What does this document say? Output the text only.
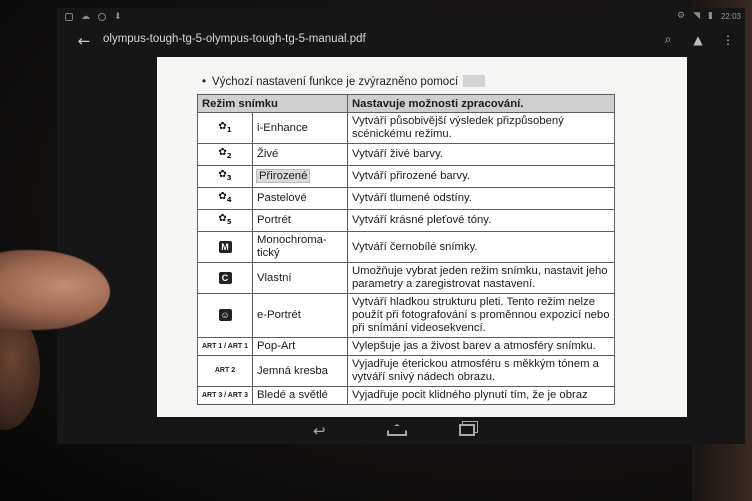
☁	⬇	⚙ ◥ ▮ 22:03
← olympus-tough-tg-5-olympus-tough-tg-5-manual.pdf	⌕	▲ ⋮
• Výchozí nastavení funkce je zvýrazněno pomocí
Režim snímku		Nastavuje možnosti zpracování.
$✿_1$	i-Enhance	Vytváří působivější výsledek přizpůsobený scénickému režimu.
$✿_2$	Živé	Vytváří živé barvy.
$✿_3$	Přirozené	Vytváří přirozené barvy.
$✿_4$	Pastelové	Vytváří tlumené odstíny.
$✿_5$	Portrét	Vytváří krásné pleťové tóny.
M	Monochroma-tický	Vytváří černobílé snímky.
C	Vlastní	Umožňuje vybrat jeden režim snímku, nastavit jeho parametry a zaregistrovat nastavení.
☺	e-Portrét	Vytváří hladkou strukturu pleti. Tento režim nelze použít při fotografování s proměnnou expozicí nebo při snímání videosekvencí.
ART 1 / ART 1	Pop-Art	Vylepšuje jas a živost barev a atmosféry snímku.
ART 2	Jemná kresba	Vyjadřuje éterickou atmosféru s měkkým tónem a vytváří snivý nádech obrazu.
ART 3 / ART 3	Bledé a světlé	Vyjadřuje pocit klidného plynutí tím, že je obraz
↩
